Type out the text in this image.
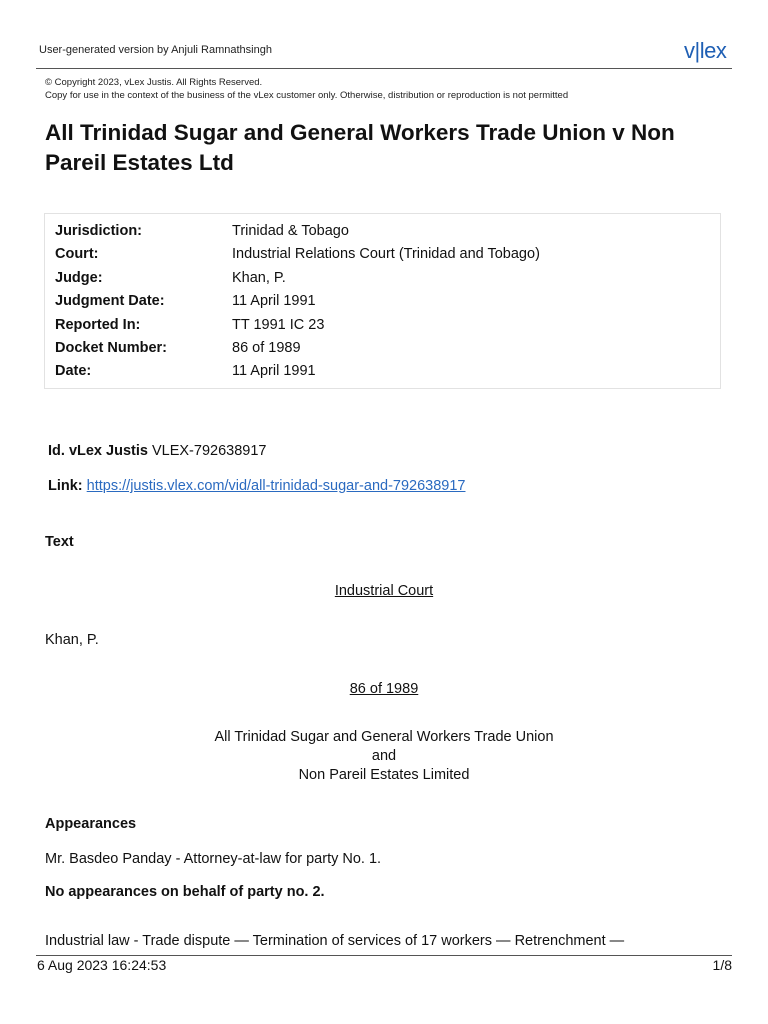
User-generated version by Anjuli Ramnathsingh	v|lex
© Copyright 2023, vLex Justis. All Rights Reserved.
Copy for use in the context of the business of the vLex customer only. Otherwise, distribution or reproduction is not permitted
All Trinidad Sugar and General Workers Trade Union v Non Pareil Estates Ltd
Jurisdiction:	Trinidad & Tobago
Court:	Industrial Relations Court (Trinidad and Tobago)
Judge:	Khan, P.
Judgment Date:	11 April 1991
Reported In:	TT 1991 IC 23
Docket Number:	86 of 1989
Date:	11 April 1991
Id. vLex Justis VLEX-792638917
Link: https://justis.vlex.com/vid/all-trinidad-sugar-and-792638917
Text
Industrial Court
Khan, P.
86 of 1989
All Trinidad Sugar and General Workers Trade Union
and
Non Pareil Estates Limited
Appearances
Mr. Basdeo Panday - Attorney-at-law for party No. 1.
No appearances on behalf of party no. 2.
Industrial law - Trade dispute — Termination of services of 17 workers — Retrenchment —
6 Aug 2023 16:24:53	1/8
